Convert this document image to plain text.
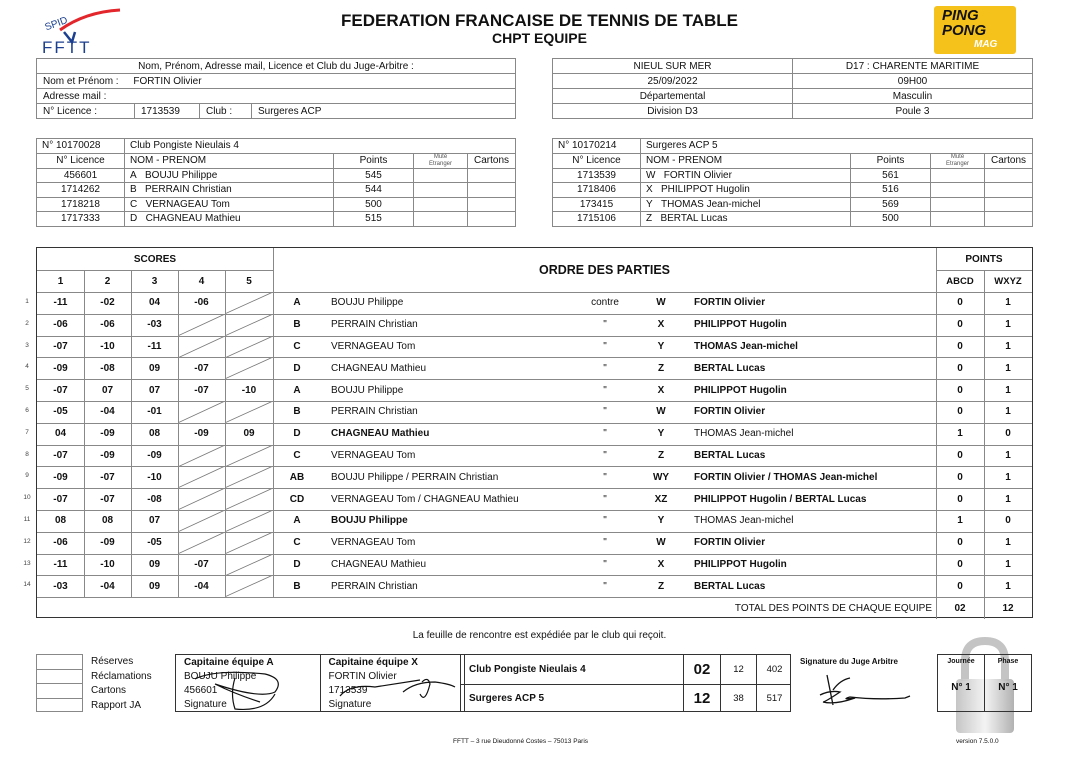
SPID
FFTT
FEDERATION FRANCAISE DE TENNIS DE TABLE
CHPT EQUIPE
PING
PONG
MAG
Nom, Prénom, Adresse mail, Licence et Club du Juge-Arbitre :
Nom et Prénom : FORTIN Olivier
Adresse mail :
N° Licence :	1713539	Club :	Surgeres ACP
NIEUL SUR MER	D17 : CHARENTE MARITIME
25/09/2022	09H00
Départemental	Masculin
Division D3	Poule 3
N° 10170028	Club Pongiste Nieulais 4			
N° Licence	NOM - PRENOM	Points	Muté
Etranger	Cartons
456601	A BOUJU Philippe	545		
1714262	B PERRAIN Christian	544		
1718218	C VERNAGEAU Tom	500		
1717333	D CHAGNEAU Mathieu	515		
N° 10170214	Surgeres ACP 5			
N° Licence	NOM - PRENOM	Points	Muté
Etranger	Cartons
1713539	W FORTIN Olivier	561		
1718406	X PHILIPPOT Hugolin	516		
173415	Y THOMAS Jean-michel	569		
1715106	Z BERTAL Lucas	500		
SCORES
ORDRE DES PARTIES
POINTS
ABCD	WXYZ
1	2	3	4	5
-11	-02	04	-06	A	BOUJU Philippe	contre	W	FORTIN Olivier	0	1
-06	-06	-03	B	PERRAIN Christian	"	X	PHILIPPOT Hugolin	0	1
-07	-10	-11	C	VERNAGEAU Tom	"	Y	THOMAS Jean-michel	0	1
-09	-08	09	-07	D	CHAGNEAU Mathieu	"	Z	BERTAL Lucas	0	1
-07	07	07	-07	-10	A	BOUJU Philippe	"	X	PHILIPPOT Hugolin	0	1
-05	-04	-01	B	PERRAIN Christian	"	W	FORTIN Olivier	0	1
04	-09	08	-09	09	D	CHAGNEAU Mathieu	"	Y	THOMAS Jean-michel	1	0
-07	-09	-09	C	VERNAGEAU Tom	"	Z	BERTAL Lucas	0	1
-09	-07	-10	AB	BOUJU Philippe / PERRAIN Christian	"	WY	FORTIN Olivier / THOMAS Jean-michel	0	1
-07	-07	-08	CD	VERNAGEAU Tom / CHAGNEAU Mathieu	"	XZ	PHILIPPOT Hugolin / BERTAL Lucas	0	1
08	08	07	A	BOUJU Philippe	"	Y	THOMAS Jean-michel	1	0
-06	-09	-05	C	VERNAGEAU Tom	"	W	FORTIN Olivier	0	1
-11	-10	09	-07	D	CHAGNEAU Mathieu	"	X	PHILIPPOT Hugolin	0	1
-03	-04	09	-04	B	PERRAIN Christian	"	Z	BERTAL Lucas	0	1
TOTAL DES POINTS DE CHAQUE EQUIPE	02	12
1
2
3
4
5
6
7
8
9
10
11
12
13
14
La feuille de rencontre est expédiée par le club qui reçoit.
Réserves
Réclamations
Cartons
Rapport JA
Capitaine équipe A
BOUJU Philippe
456601
Signature
Capitaine équipe X
FORTIN Olivier
1713539
Signature
Club Pongiste Nieulais 4	02	12	402
Surgeres ACP 5	12	38	517
Signature du Juge Arbitre	Journée
N° 1
Phase
N° 1
FFTT – 3 rue Dieudonné Costes – 75013 Paris	version 7.5.0.0
